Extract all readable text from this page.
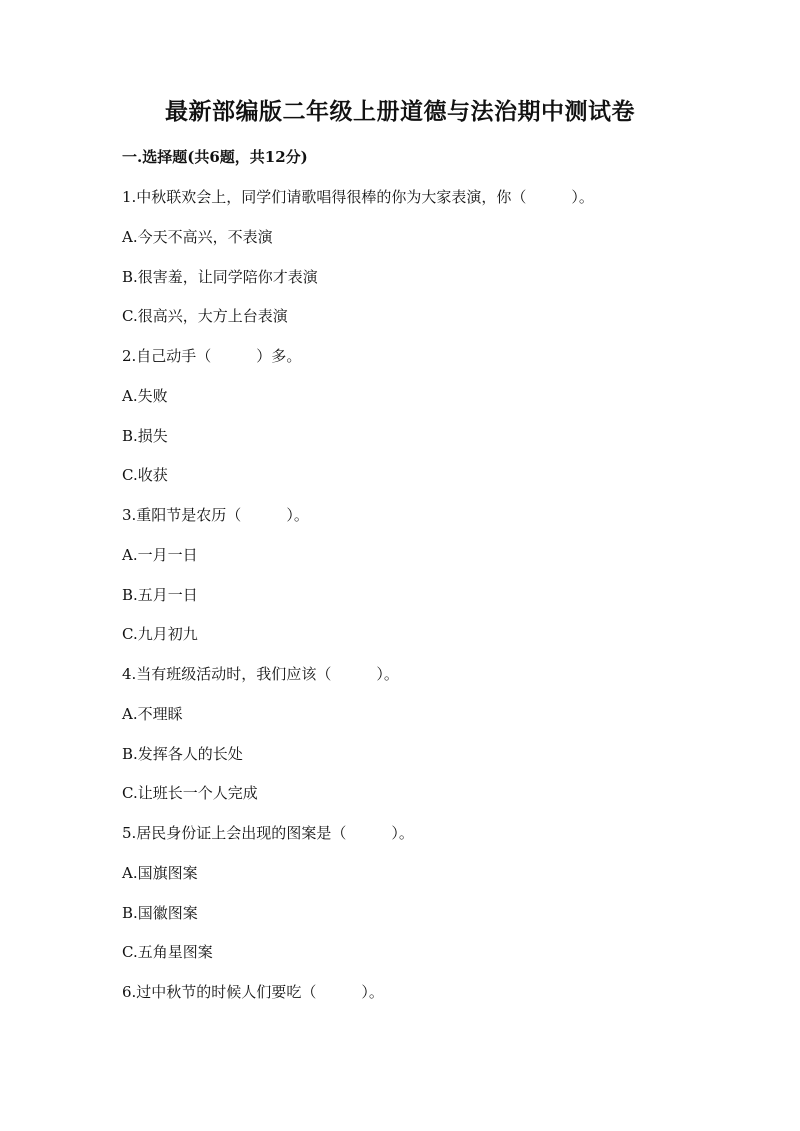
最新部编版二年级上册道德与法治期中测试卷
一.选择题(共6题，共12分)
1.中秋联欢会上，同学们请歌唱得很棒的你为大家表演，你（　　　）。
A.今天不高兴，不表演
B.很害羞，让同学陪你才表演
C.很高兴，大方上台表演
2.自己动手（　　　）多。
A.失败
B.损失
C.收获
3.重阳节是农历（　　　）。
A.一月一日
B.五月一日
C.九月初九
4.当有班级活动时，我们应该（　　　）。
A.不理睬
B.发挥各人的长处
C.让班长一个人完成
5.居民身份证上会出现的图案是（　　　）。
A.国旗图案
B.国徽图案
C.五角星图案
6.过中秋节的时候人们要吃（　　　）。
